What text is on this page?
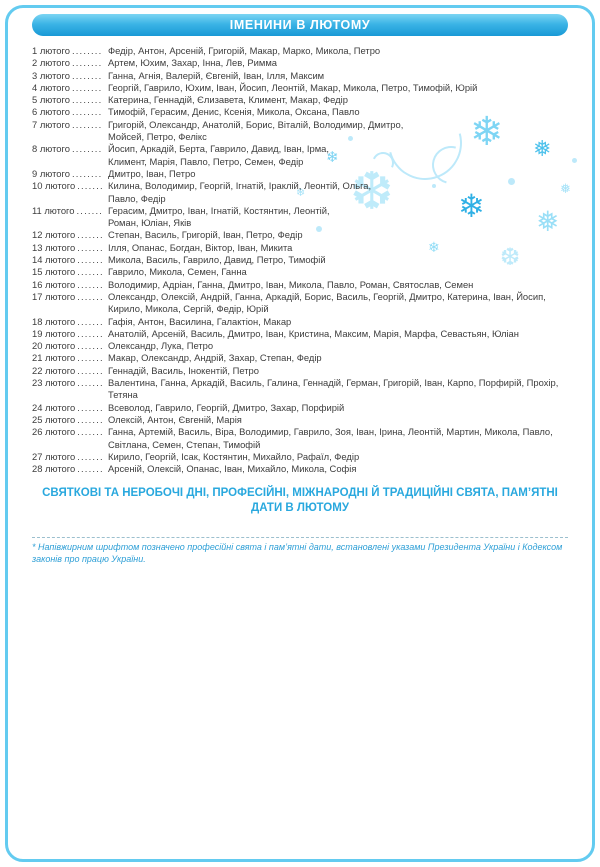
❄
❅
❆
❄
❅
❄
❆
❄
❅
❄
ІМЕНИНИ В ЛЮТОМУ
1 лютого .....	Федір, Антон, Арсеній, Григорій, Макар, Марко, Микола, Петро
2 лютого .....	Артем, Юхим, Захар, Інна, Лев, Римма
3 лютого .....	Ганна, Агнія, Валерій, Євгеній, Іван, Ілля, Максим
4 лютого .....	Георгій, Гаврило, Юхим, Іван, Йосип, Леонтій, Макар, Микола, Петро, Тимофій, Юрій
5 лютого .....	Катерина, Геннадій, Єлизавета, Климент, Макар, Федір
6 лютого .....	Тимофій, Герасим, Денис, Ксенія, Микола, Оксана, Павло
7 лютого .....	Григорій, Олександр, Анатолій, Борис, Віталій, Володимир, Дмитро, Мойсей, Петро, Фелікс
8 лютого .....	Йосип, Аркадій, Берта, Гаврило, Давид, Іван, Ірма, Климент, Марія, Павло, Петро, Семен, Федір
9 лютого .....	Дмитро, Іван, Петро
10 лютого .....	Килина, Володимир, Георгій, Ігнатій, Іраклій, Леонтій, Ольга, Павло, Федір
11 лютого .....	Герасим, Дмитро, Іван, Ігнатій, Костянтин, Леонтій, Роман, Юліан, Яків
12 лютого .....	Степан, Василь, Григорій, Іван, Петро, Федір
13 лютого .....	Ілля, Опанас, Богдан, Віктор, Іван, Микита
14 лютого .....	Микола, Василь, Гаврило, Давид, Петро, Тимофій
15 лютого .....	Гаврило, Микола, Семен, Ганна
16 лютого .....	Володимир, Адріан, Ганна, Дмитро, Іван, Микола, Павло, Роман, Святослав, Семен
17 лютого .....	Олександр, Олексій, Андрій, Ганна, Аркадій, Борис, Василь, Георгій, Дмитро, Катерина, Іван, Йосип, Кирило, Микола, Сергій, Федір, Юрій
18 лютого .....	Гафія, Антон, Василина, Галактіон, Макар
19 лютого .....	Анатолій, Арсеній, Василь, Дмитро, Іван, Кристина, Максим, Марія, Марфа, Севастьян, Юліан
20 лютого .....	Олександр, Лука, Петро
21 лютого .....	Макар, Олександр, Андрій, Захар, Степан, Федір
22 лютого .....	Геннадій, Василь, Інокентій, Петро
23 лютого .....	Валентина, Ганна, Аркадій, Василь, Галина, Геннадій, Герман, Григорій, Іван, Карпо, Порфирій, Прохір, Тетяна
24 лютого .....	Всеволод, Гаврило, Георгій, Дмитро, Захар, Порфирій
25 лютого .....	Олексій, Антон, Євгеній, Марія
26 лютого .....	Ганна, Артемій, Василь, Віра, Володимир, Гаврило, Зоя, Іван, Ірина, Леонтій, Мартин, Микола, Павло, Світлана, Семен, Степан, Тимофій
27 лютого .....	Кирило, Георгій, Ісак, Костянтин, Михайло, Рафаїл, Федір
28 лютого .....	Арсеній, Олексій, Опанас, Іван, Михайло, Микола, Софія
СВЯТКОВІ ТА НЕРОБОЧІ ДНІ, ПРОФЕСІЙНІ, МІЖНАРОДНІ Й ТРАДИЦІЙНІ СВЯТА, ПАМ’ЯТНІ ДАТИ В ЛЮТОМУ
* Напівжирним шрифтом позначено професійні свята і пам’ятні дати, встановлені указами Президента України і Кодексом законів про працю України.
